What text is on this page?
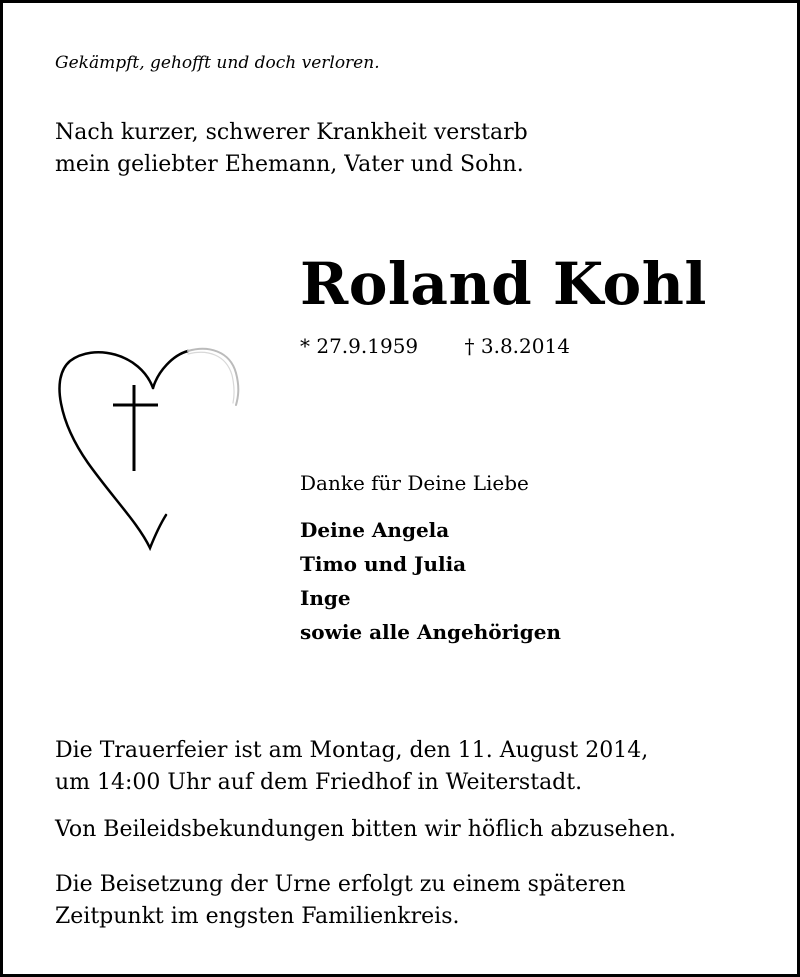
Gekämpft, gehofft und doch verloren.
Nach kurzer, schwerer Krankheit verstarb
mein geliebter Ehemann, Vater und Sohn.
Roland Kohl
* 27.9.1959 † 3.8.2014
Danke für Deine Liebe
Deine Angela
Timo und Julia
Inge
sowie alle Angehörigen
Die Trauerfeier ist am Montag, den 11. August 2014,
um 14:00 Uhr auf dem Friedhof in Weiterstadt.
Von Beileidsbekundungen bitten wir höflich abzusehen.
Die Beisetzung der Urne erfolgt zu einem späteren
Zeitpunkt im engsten Familienkreis.
